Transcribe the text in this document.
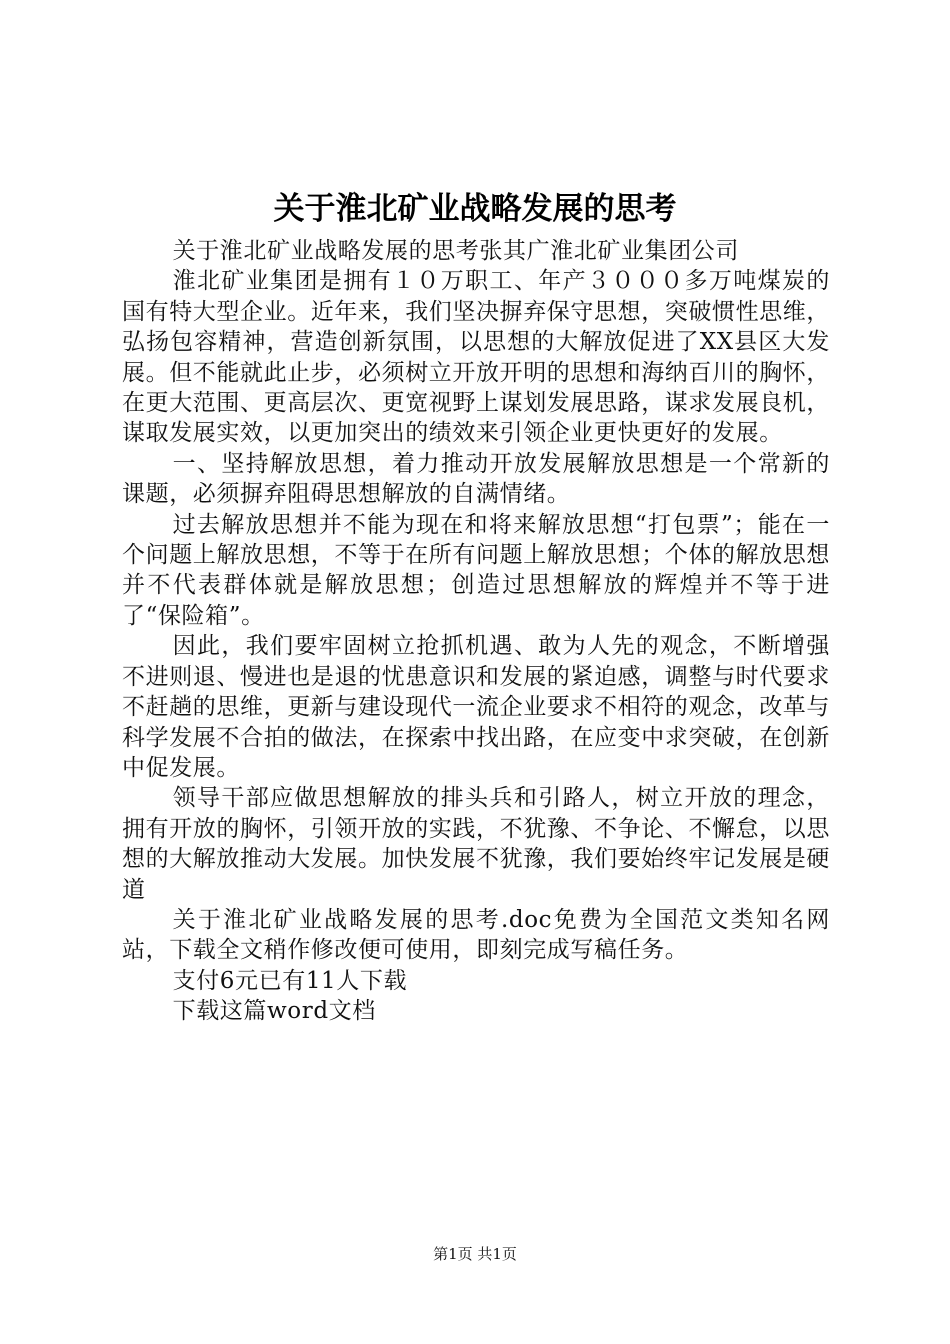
关于淮北矿业战略发展的思考

关于淮北矿业战略发展的思考张其广淮北矿业集团公司

淮北矿业集团是拥有１０万职工、年产３０００多万吨煤炭的国有特大型企业。近年来，我们坚决摒弃保守思想，突破惯性思维，弘扬包容精神，营造创新氛围，以思想的大解放促进了XX县区大发展。但不能就此止步，必须树立开放开明的思想和海纳百川的胸怀，在更大范围、更高层次、更宽视野上谋划发展思路，谋求发展良机，谋取发展实效，以更加突出的绩效来引领企业更快更好的发展。

一、坚持解放思想，着力推动开放发展解放思想是一个常新的课题，必须摒弃阻碍思想解放的自满情绪。

过去解放思想并不能为现在和将来解放思想“打包票”；能在一个问题上解放思想，不等于在所有问题上解放思想；个体的解放思想并不代表群体就是解放思想；创造过思想解放的辉煌并不等于进了“保险箱”。

因此，我们要牢固树立抢抓机遇、敢为人先的观念，不断增强不进则退、慢进也是退的忧患意识和发展的紧迫感，调整与时代要求不赶趟的思维，更新与建设现代一流企业要求不相符的观念，改革与科学发展不合拍的做法，在探索中找出路，在应变中求突破，在创新中促发展。

领导干部应做思想解放的排头兵和引路人，树立开放的理念，拥有开放的胸怀，引领开放的实践，不犹豫、不争论、不懈怠，以思想的大解放推动大发展。加快发展不犹豫，我们要始终牢记发展是硬道

关于淮北矿业战略发展的思考.doc免费为全国范文类知名网站，下载全文稍作修改便可使用，即刻完成写稿任务。

支付6元已有11人下载

下载这篇word文档

第1页 共1页
